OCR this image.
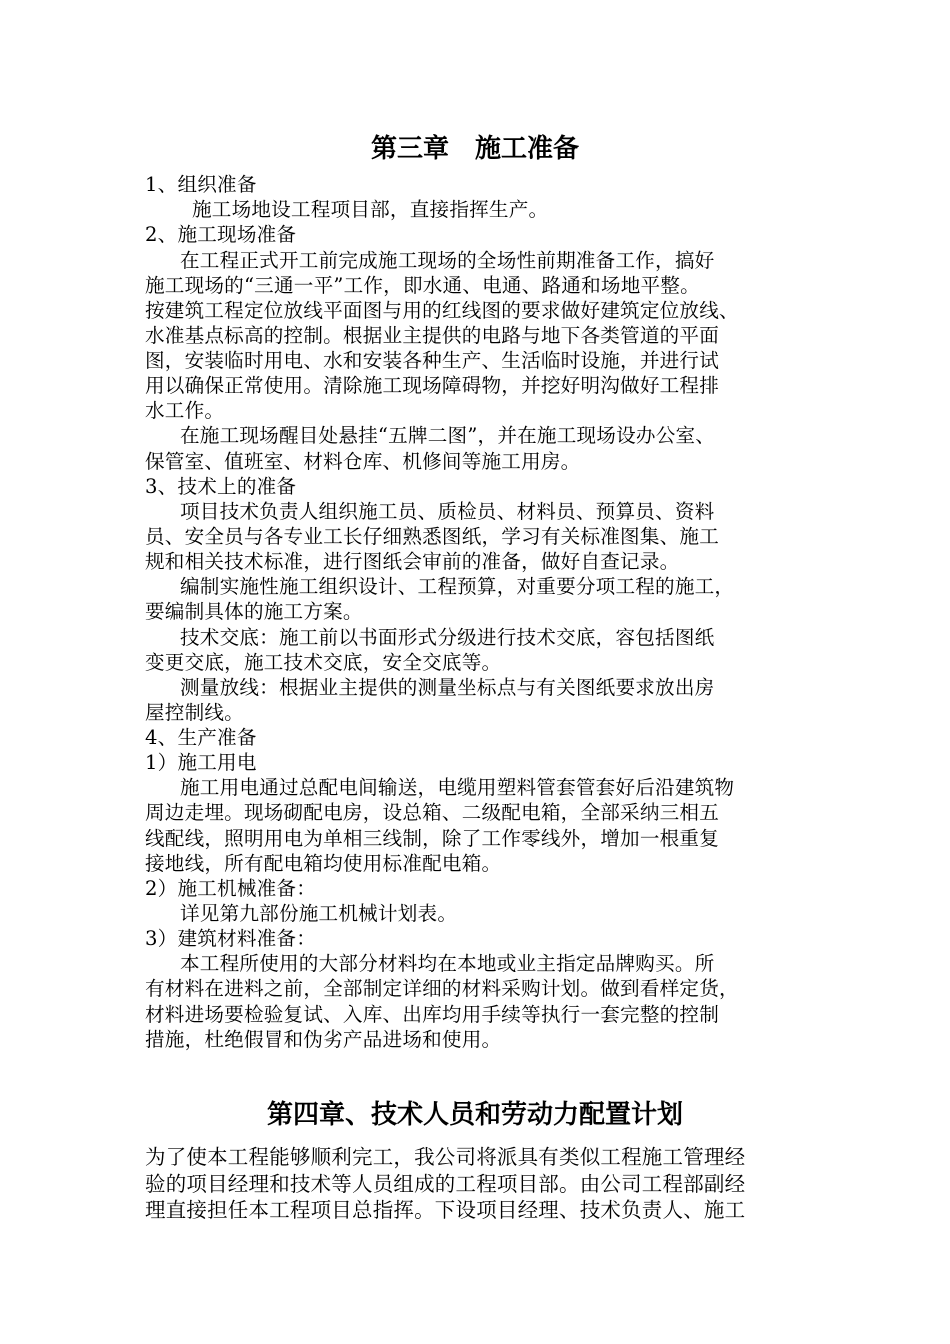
第三章　施工准备
1、组织准备
施工场地设工程项目部，直接指挥生产。
2、施工现场准备
在工程正式开工前完成施工现场的全场性前期准备工作，搞好
施工现场的“三通一平”工作，即水通、电通、路通和场地平整。
按建筑工程定位放线平面图与用的红线图的要求做好建筑定位放线、
水准基点标高的控制。根据业主提供的电路与地下各类管道的平面
图，安装临时用电、水和安装各种生产、生活临时设施，并进行试
用以确保正常使用。清除施工现场障碍物，并挖好明沟做好工程排
水工作。
在施工现场醒目处悬挂“五牌二图”，并在施工现场设办公室、
保管室、值班室、材料仓库、机修间等施工用房。
3、技术上的准备
项目技术负责人组织施工员、质检员、材料员、预算员、资料
员、安全员与各专业工长仔细熟悉图纸，学习有关标准图集、施工
规和相关技术标准，进行图纸会审前的准备，做好自查记录。
编制实施性施工组织设计、工程预算，对重要分项工程的施工，
要编制具体的施工方案。
技术交底：施工前以书面形式分级进行技术交底，容包括图纸
变更交底，施工技术交底，安全交底等。
测量放线：根据业主提供的测量坐标点与有关图纸要求放出房
屋控制线。
4、生产准备
1）施工用电
施工用电通过总配电间输送，电缆用塑料管套管套好后沿建筑物
周边走埋。现场砌配电房，设总箱、二级配电箱，全部采纳三相五
线配线，照明用电为单相三线制，除了工作零线外，增加一根重复
接地线，所有配电箱均使用标准配电箱。
2）施工机械准备：
详见第九部份施工机械计划表。
3）建筑材料准备：
本工程所使用的大部分材料均在本地或业主指定品牌购买。所
有材料在进料之前，全部制定详细的材料采购计划。做到看样定货，
材料进场要检验复试、入库、出库均用手续等执行一套完整的控制
措施，杜绝假冒和伪劣产品进场和使用。
第四章、技术人员和劳动力配置计划
为了使本工程能够顺利完工，我公司将派具有类似工程施工管理经
验的项目经理和技术等人员组成的工程项目部。由公司工程部副经
理直接担任本工程项目总指挥。下设项目经理、技术负责人、施工
